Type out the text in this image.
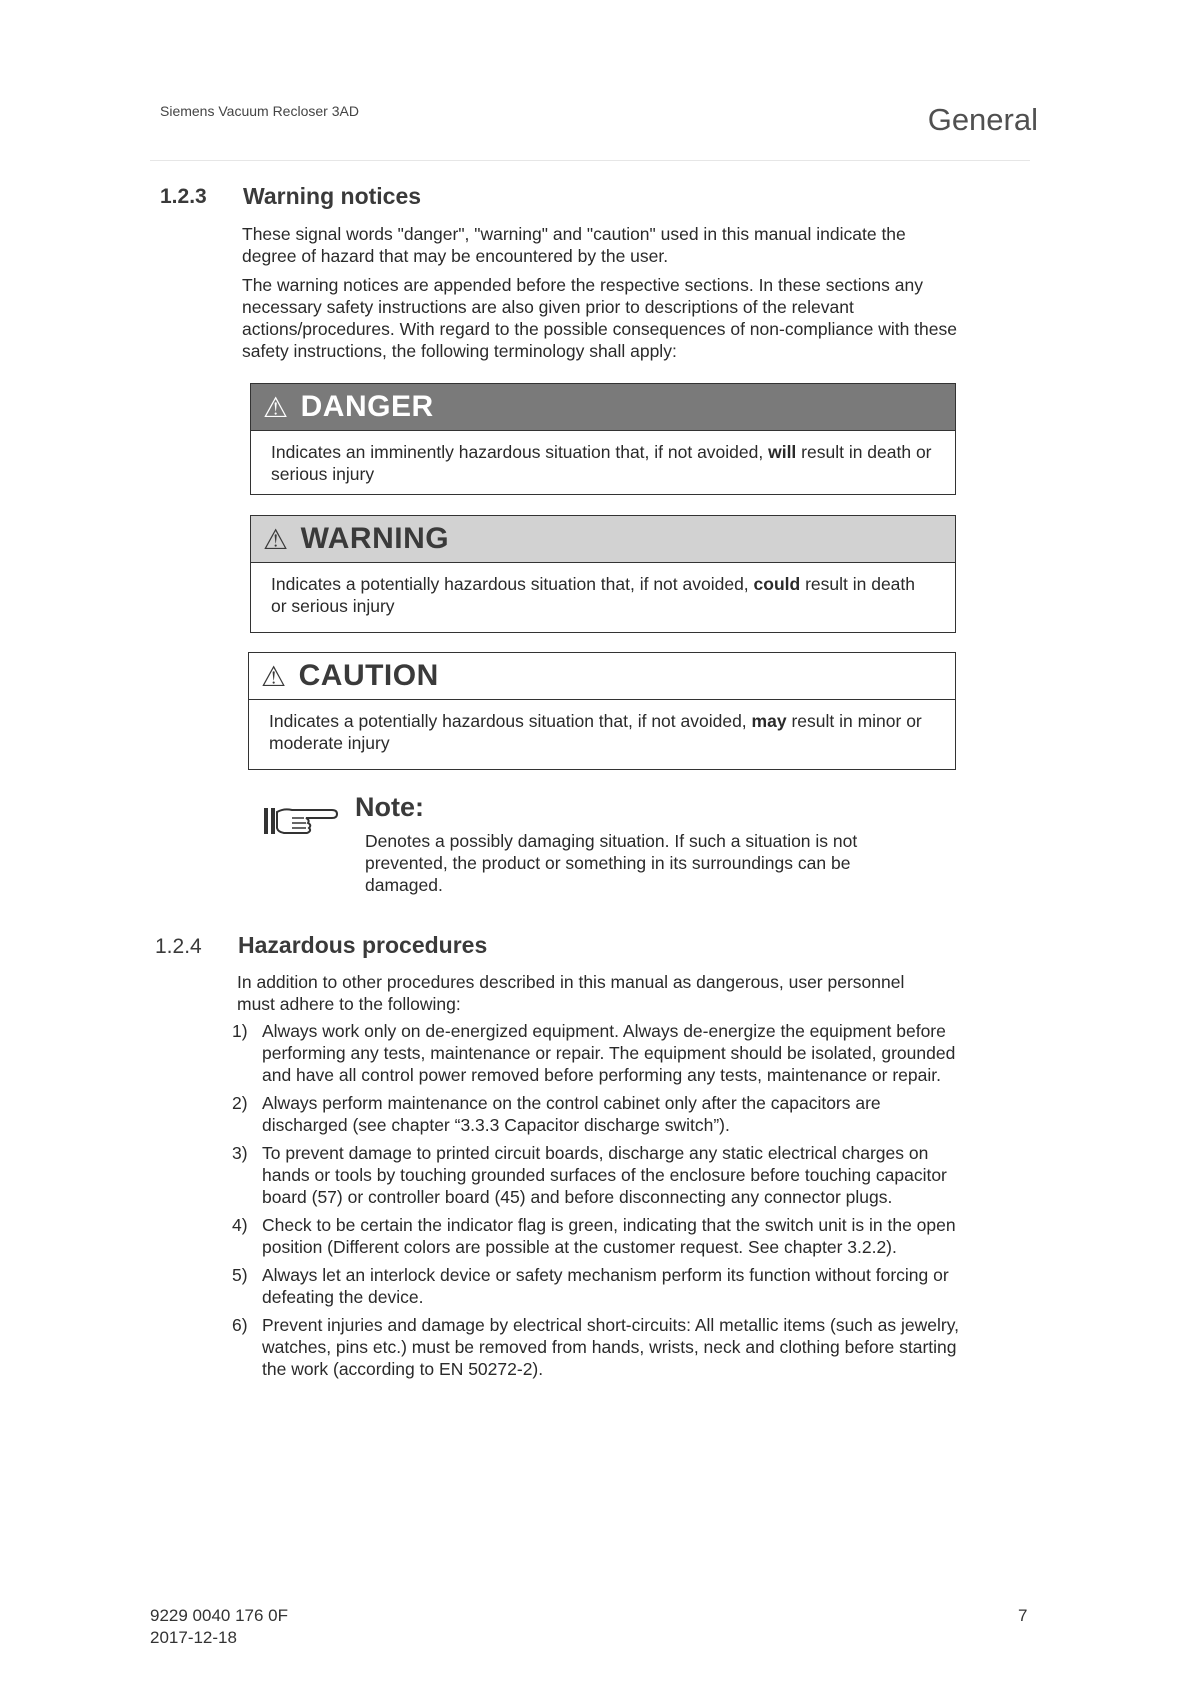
Siemens Vacuum Recloser 3AD	General
1.2.3 Warning notices

These signal words "danger", "warning" and "caution" used in this manual indicate the degree of hazard that may be encountered by the user.

The warning notices are appended before the respective sections. In these sections any necessary safety instructions are also given prior to descriptions of the relevant actions/procedures. With regard to the possible consequences of non-compliance with these safety instructions, the following terminology shall apply:

⚠ DANGER
Indicates an imminently hazardous situation that, if not avoided, will result in death or serious injury
⚠ WARNING
Indicates a potentially hazardous situation that, if not avoided, could result in death or serious injury
⚠ CAUTION
Indicates a potentially hazardous situation that, if not avoided, may result in minor or moderate injury
Note:

Denotes a possibly damaging situation. If such a situation is not prevented, the product or something in its surroundings can be damaged.

1.2.4 Hazardous procedures

In addition to other procedures described in this manual as dangerous, user personnel must adhere to the following:

1) Always work only on de-energized equipment. Always de-energize the equipment before performing any tests, maintenance or repair. The equipment should be isolated, grounded and have all control power removed before performing any tests, maintenance or repair.
2) Always perform maintenance on the control cabinet only after the capacitors are discharged (see chapter “3.3.3 Capacitor discharge switch”).
3) To prevent damage to printed circuit boards, discharge any static electrical charges on hands or tools by touching grounded surfaces of the enclosure before touching capacitor board (57) or controller board (45) and before disconnecting any connector plugs.
4) Check to be certain the indicator flag is green, indicating that the switch unit is in the open position (Different colors are possible at the customer request. See chapter 3.2.2).
5) Always let an interlock device or safety mechanism perform its function without forcing or defeating the device.
6) Prevent injuries and damage by electrical short-circuits: All metallic items (such as jewelry, watches, pins etc.) must be removed from hands, wrists, neck and clothing before starting the work (according to EN 50272-2).
9229 0040 176 0F
2017-12-18
7
